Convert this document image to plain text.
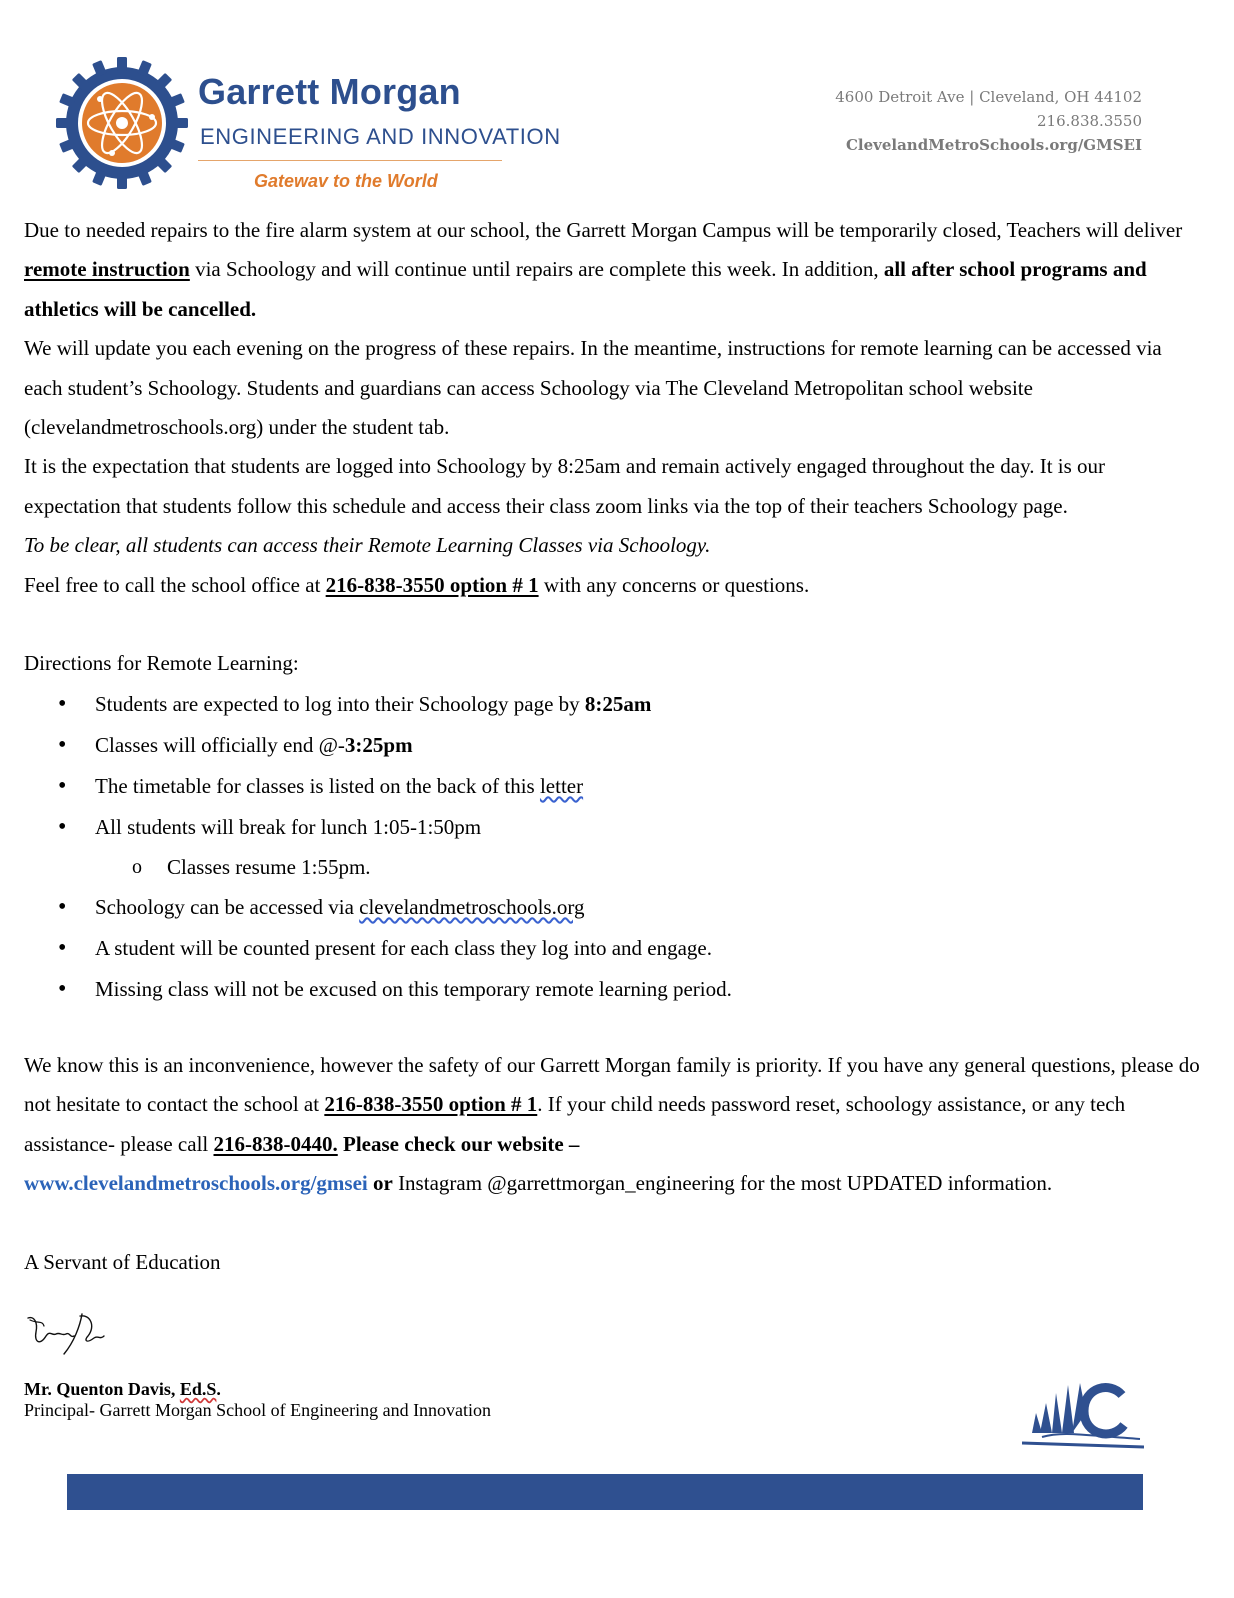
Garrett Morgan
ENGINEERING AND INNOVATION
Gatewav to the World
4600 Detroit Ave | Cleveland, OH 44102
216.838.3550
ClevelandMetroSchools.org/GMSEI

Due to needed repairs to the fire alarm system at our school, the Garrett Morgan Campus will be temporarily closed, Teachers will deliver remote instruction via Schoology and will continue until repairs are complete this week. In addition, all after school programs and athletics will be cancelled.

We will update you each evening on the progress of these repairs. In the meantime, instructions for remote learning can be accessed via each student’s Schoology. Students and guardians can access Schoology via The Cleveland Metropolitan school website (clevelandmetroschools.org) under the student tab.

It is the expectation that students are logged into Schoology by 8:25am and remain actively engaged throughout the day. It is our expectation that students follow this schedule and access their class zoom links via the top of their teachers Schoology page.

To be clear, all students can access their Remote Learning Classes via Schoology.

Feel free to call the school office at 216-838-3550 option # 1 with any concerns or questions.

Directions for Remote Learning:

• Students are expected to log into their Schoology page by 8:25am
• Classes will officially end @-3:25pm
• The timetable for classes is listed on the back of this letter
• All students will break for lunch 1:05-1:50pm
o Classes resume 1:55pm.
• Schoology can be accessed via clevelandmetroschools.org
• A student will be counted present for each class they log into and engage.
• Missing class will not be excused on this temporary remote learning period.

We know this is an inconvenience, however the safety of our Garrett Morgan family is priority. If you have any general questions, please do not hesitate to contact the school at 216-838-3550 option # 1. If your child needs password reset, schoology assistance, or any tech assistance- please call 216-838-0440. Please check our website –
www.clevelandmetroschools.org/gmsei or Instagram @garrettmorgan_engineering for the most UPDATED information.

A Servant of Education

Mr. Quenton Davis, Ed.S.
Principal- Garrett Morgan School of Engineering and Innovation
